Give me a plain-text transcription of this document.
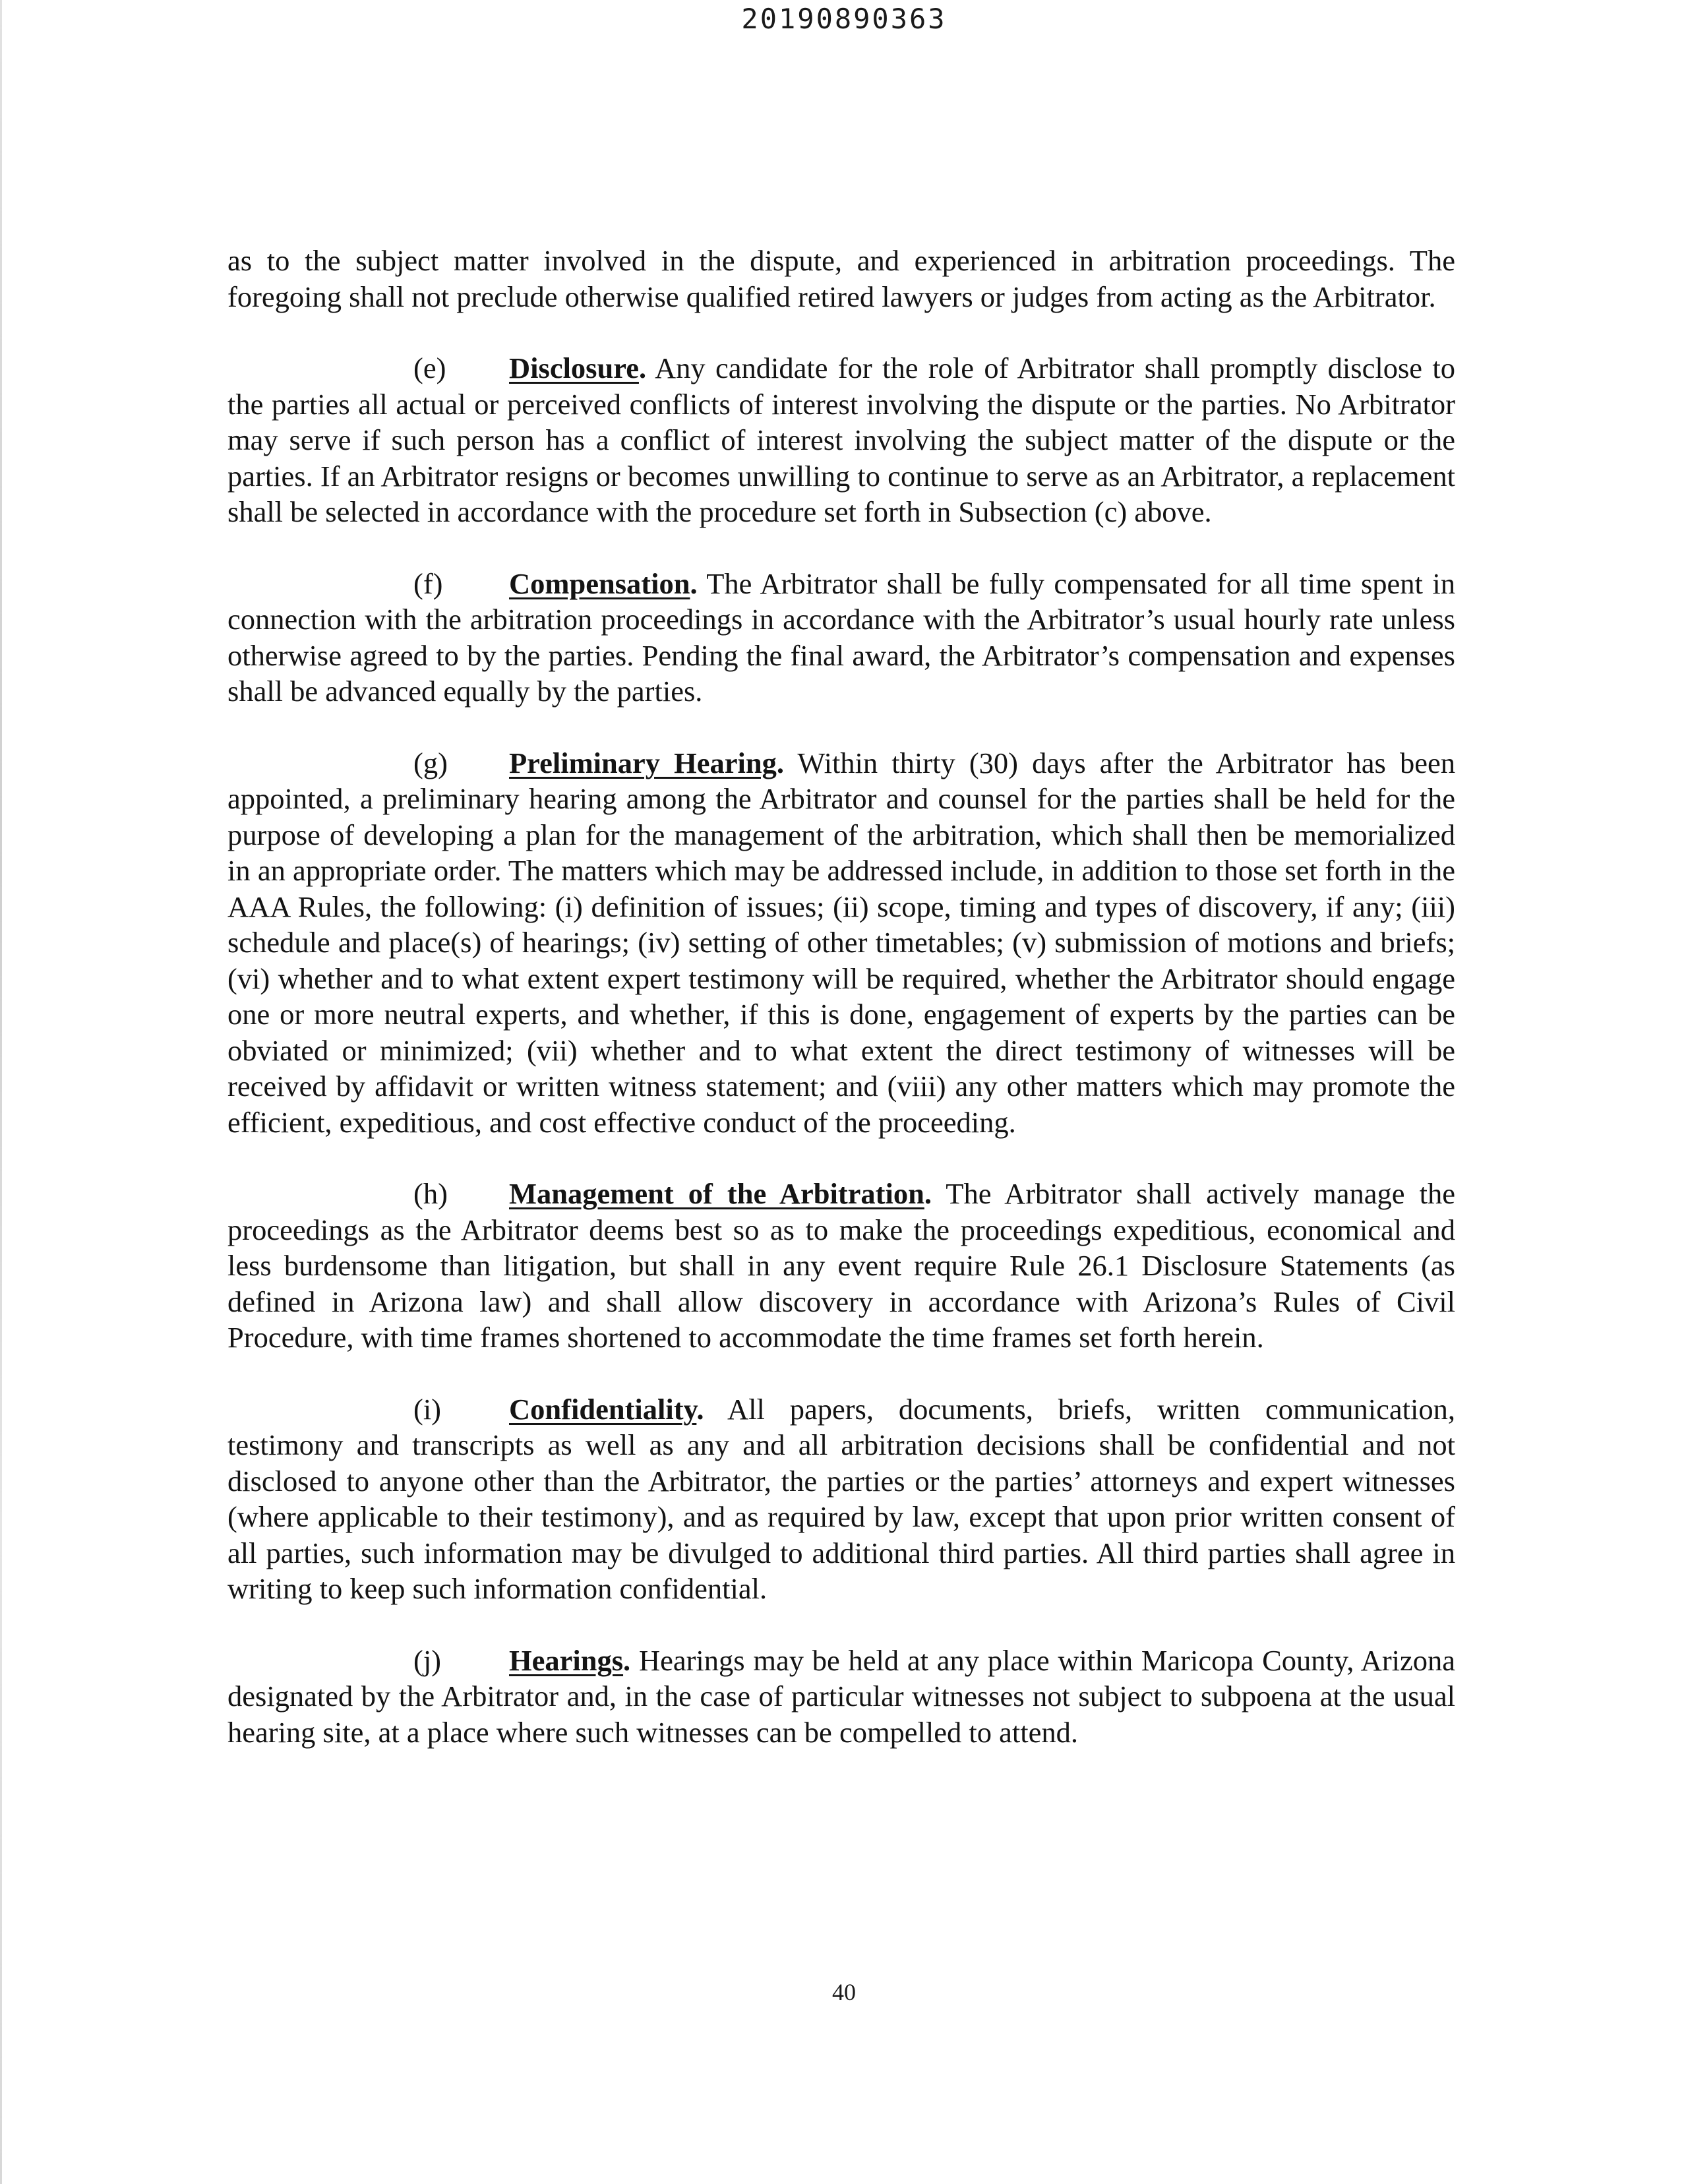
20190890363

as to the subject matter involved in the dispute, and experienced in arbitration proceedings. The foregoing shall not preclude otherwise qualified retired lawyers or judges from acting as the Arbitrator.

(e) Disclosure. Any candidate for the role of Arbitrator shall promptly disclose to the parties all actual or perceived conflicts of interest involving the dispute or the parties. No Arbitrator may serve if such person has a conflict of interest involving the subject matter of the dispute or the parties. If an Arbitrator resigns or becomes unwilling to continue to serve as an Arbitrator, a replacement shall be selected in accordance with the procedure set forth in Subsection (c) above.

(f) Compensation. The Arbitrator shall be fully compensated for all time spent in connection with the arbitration proceedings in accordance with the Arbitrator’s usual hourly rate unless otherwise agreed to by the parties. Pending the final award, the Arbitrator’s compensation and expenses shall be advanced equally by the parties.

(g) Preliminary Hearing. Within thirty (30) days after the Arbitrator has been appointed, a preliminary hearing among the Arbitrator and counsel for the parties shall be held for the purpose of developing a plan for the management of the arbitration, which shall then be memorialized in an appropriate order. The matters which may be addressed include, in addition to those set forth in the AAA Rules, the following: (i) definition of issues; (ii) scope, timing and types of discovery, if any; (iii) schedule and place(s) of hearings; (iv) setting of other timetables; (v) submission of motions and briefs; (vi) whether and to what extent expert testimony will be required, whether the Arbitrator should engage one or more neutral experts, and whether, if this is done, engagement of experts by the parties can be obviated or minimized; (vii) whether and to what extent the direct testimony of witnesses will be received by affidavit or written witness statement; and (viii) any other matters which may promote the efficient, expeditious, and cost effective conduct of the proceeding.

(h) Management of the Arbitration. The Arbitrator shall actively manage the proceedings as the Arbitrator deems best so as to make the proceedings expeditious, economical and less burdensome than litigation, but shall in any event require Rule 26.1 Disclosure Statements (as defined in Arizona law) and shall allow discovery in accordance with Arizona’s Rules of Civil Procedure, with time frames shortened to accommodate the time frames set forth herein.

(i) Confidentiality. All papers, documents, briefs, written communication, testimony and transcripts as well as any and all arbitration decisions shall be confidential and not disclosed to anyone other than the Arbitrator, the parties or the parties’ attorneys and expert witnesses (where applicable to their testimony), and as required by law, except that upon prior written consent of all parties, such information may be divulged to additional third parties. All third parties shall agree in writing to keep such information confidential.

(j) Hearings. Hearings may be held at any place within Maricopa County, Arizona designated by the Arbitrator and, in the case of particular witnesses not subject to subpoena at the usual hearing site, at a place where such witnesses can be compelled to attend.

40
